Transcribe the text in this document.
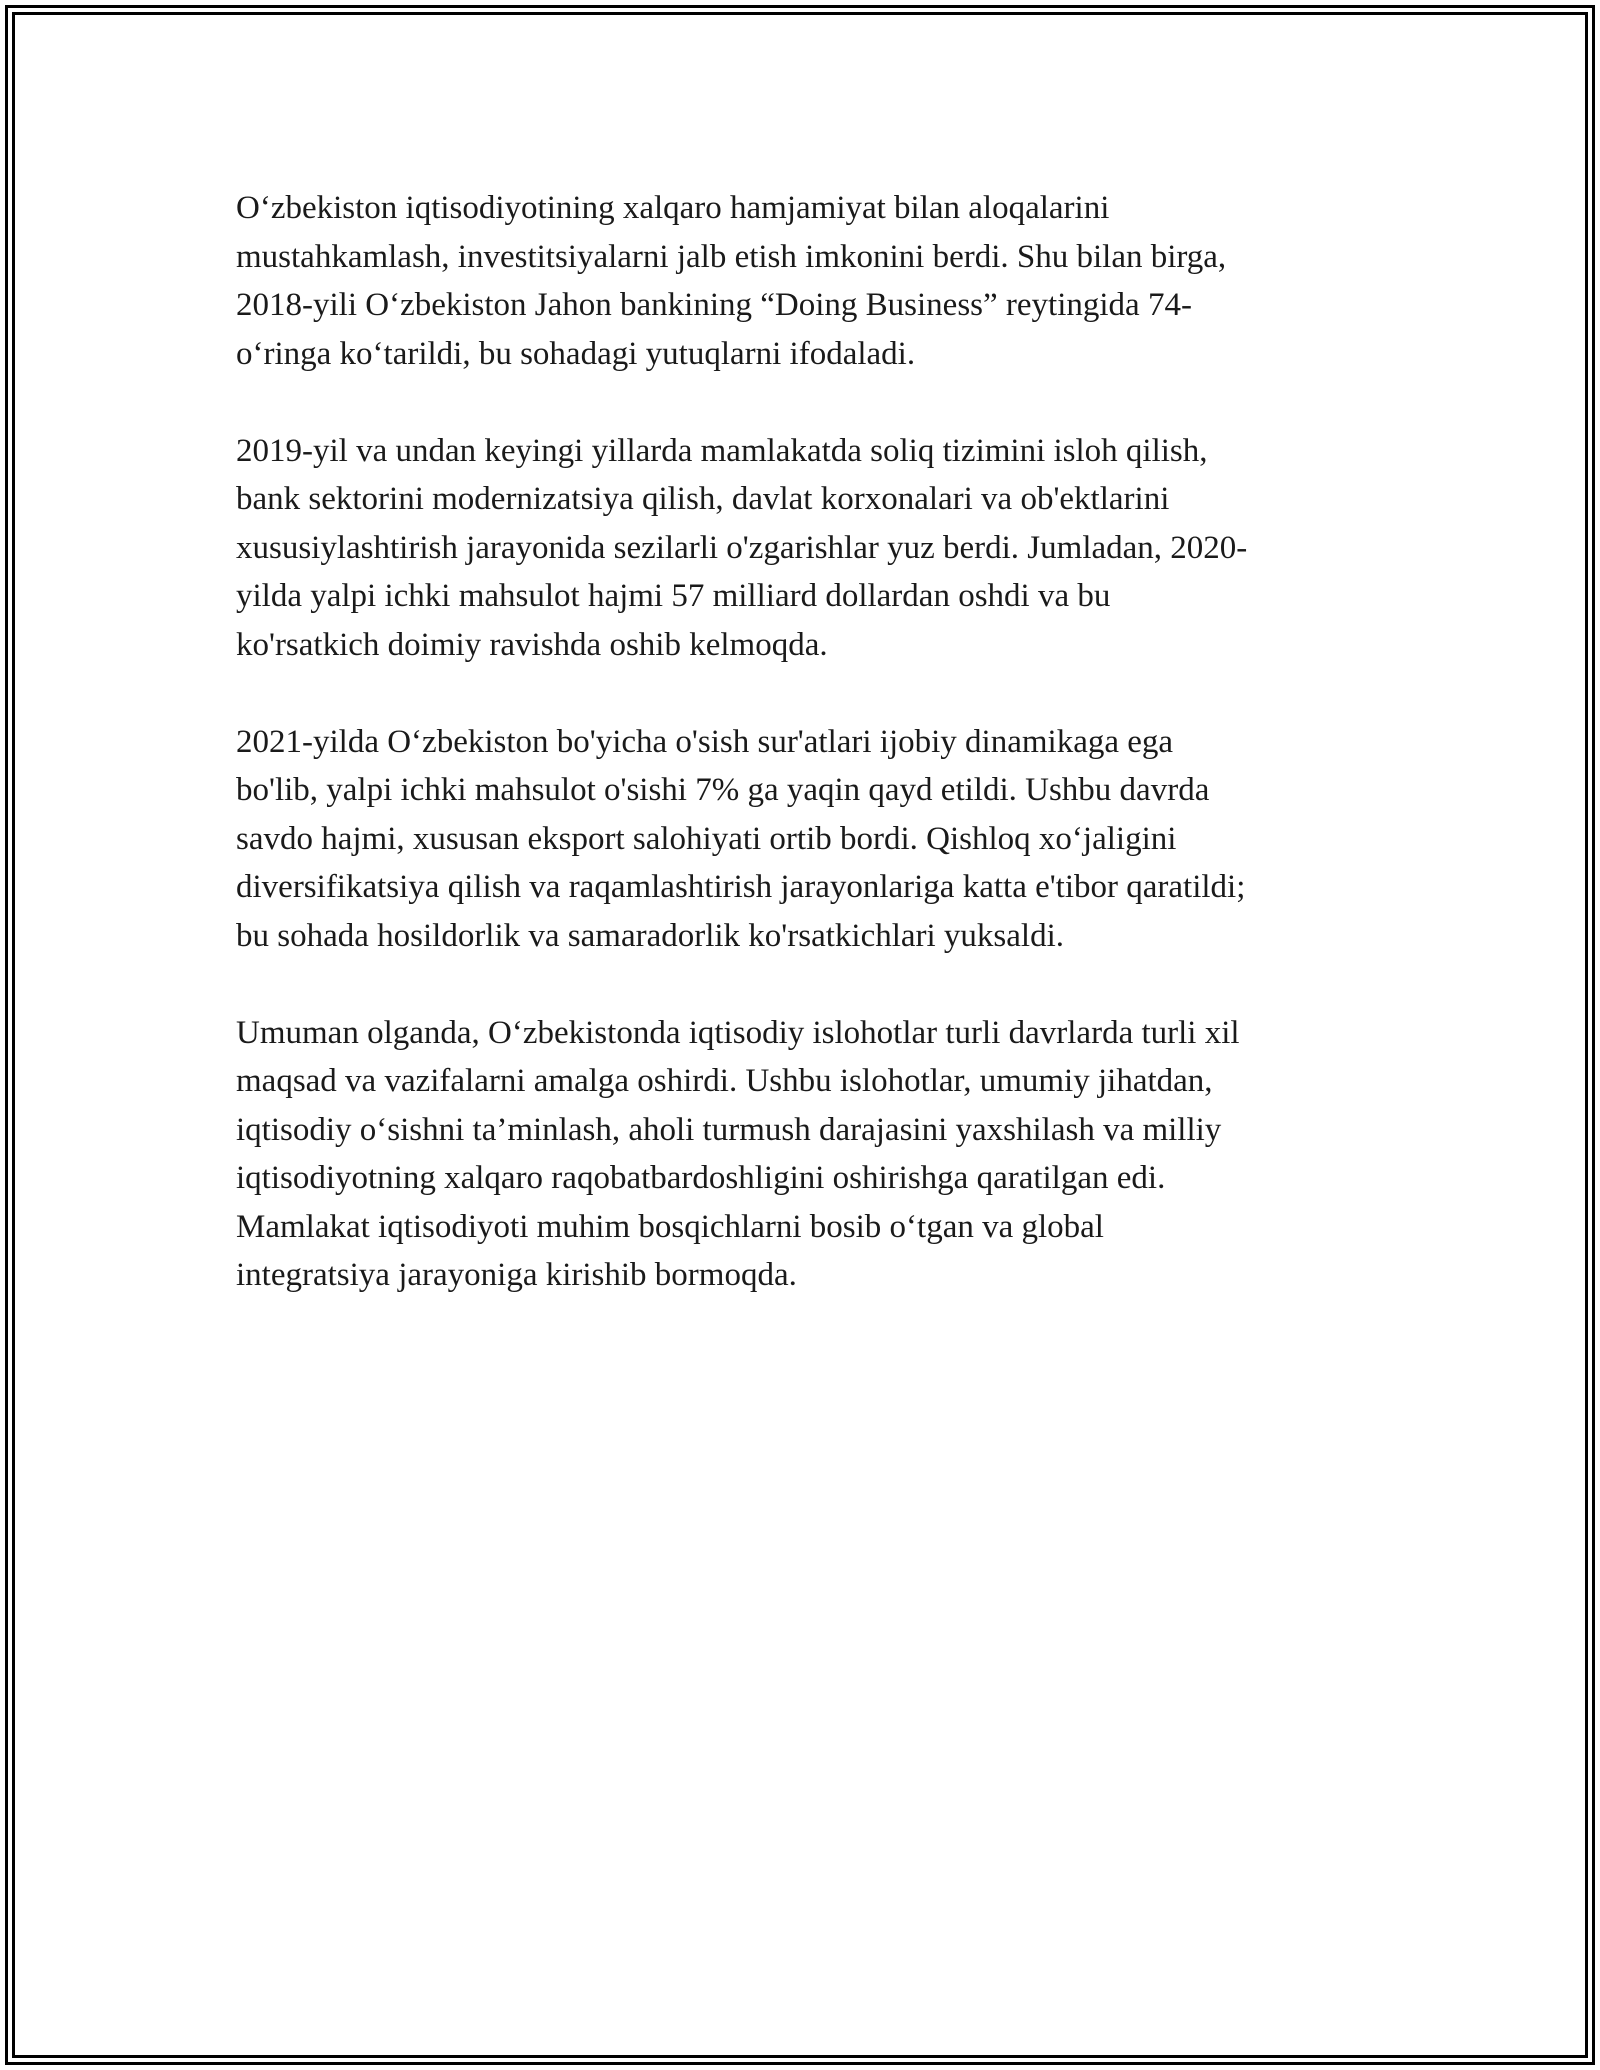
O‘zbekiston iqtisodiyotining xalqaro hamjamiyat bilan aloqalarini
mustahkamlash, investitsiyalarni jalb etish imkonini berdi. Shu bilan birga,
2018-yili O‘zbekiston Jahon bankining “Doing Business” reytingida 74-
o‘ringa ko‘tarildi, bu sohadagi yutuqlarni ifodaladi.

2019-yil va undan keyingi yillarda mamlakatda soliq tizimini isloh qilish,
bank sektorini modernizatsiya qilish, davlat korxonalari va ob'ektlarini
xususiylashtirish jarayonida sezilarli o'zgarishlar yuz berdi. Jumladan, 2020-
yilda yalpi ichki mahsulot hajmi 57 milliard dollardan oshdi va bu
ko'rsatkich doimiy ravishda oshib kelmoqda.

2021-yilda O‘zbekiston bo'yicha o'sish sur'atlari ijobiy dinamikaga ega
bo'lib, yalpi ichki mahsulot o'sishi 7% ga yaqin qayd etildi. Ushbu davrda
savdo hajmi, xususan eksport salohiyati ortib bordi. Qishloq xo‘jaligini
diversifikatsiya qilish va raqamlashtirish jarayonlariga katta e'tibor qaratildi;
bu sohada hosildorlik va samaradorlik ko'rsatkichlari yuksaldi.

Umuman olganda, O‘zbekistonda iqtisodiy islohotlar turli davrlarda turli xil
maqsad va vazifalarni amalga oshirdi. Ushbu islohotlar, umumiy jihatdan,
iqtisodiy o‘sishni ta’minlash, aholi turmush darajasini yaxshilash va milliy
iqtisodiyotning xalqaro raqobatbardoshligini oshirishga qaratilgan edi.
Mamlakat iqtisodiyoti muhim bosqichlarni bosib o‘tgan va global
integratsiya jarayoniga kirishib bormoqda.
